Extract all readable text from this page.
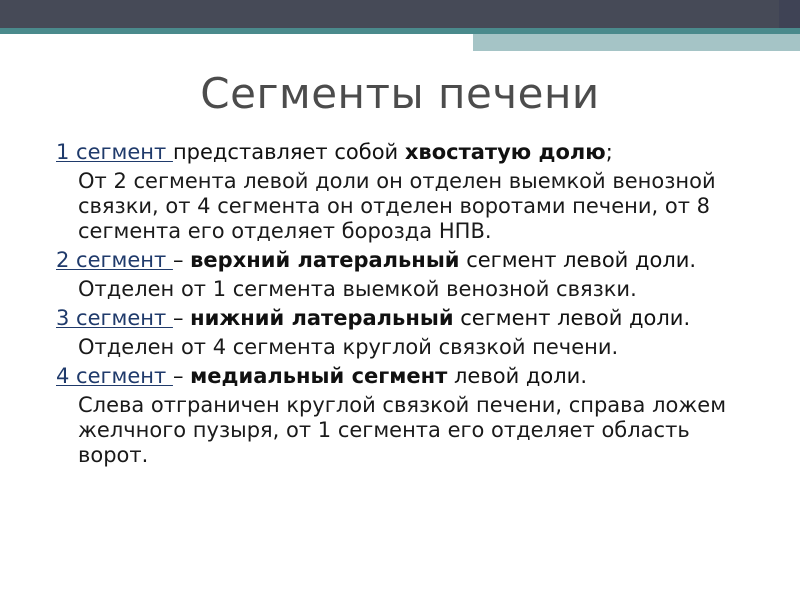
Сегменты печени

1 сегмент представляет собой хвостатую долю;

От 2 сегмента левой доли он отделен выемкой венозной связки, от 4 сегмента он отделен воротами печени, от 8 сегмента его отделяет борозда НПВ.

2 сегмент – верхний латеральный сегмент левой доли.

Отделен от 1 сегмента выемкой венозной связки.

3 сегмент – нижний латеральный сегмент левой доли.

Отделен от 4 сегмента круглой связкой печени.

4 сегмент – медиальный сегмент левой доли.

Слева отграничен круглой связкой печени, справа ложем желчного пузыря, от 1 сегмента его отделяет область ворот.
